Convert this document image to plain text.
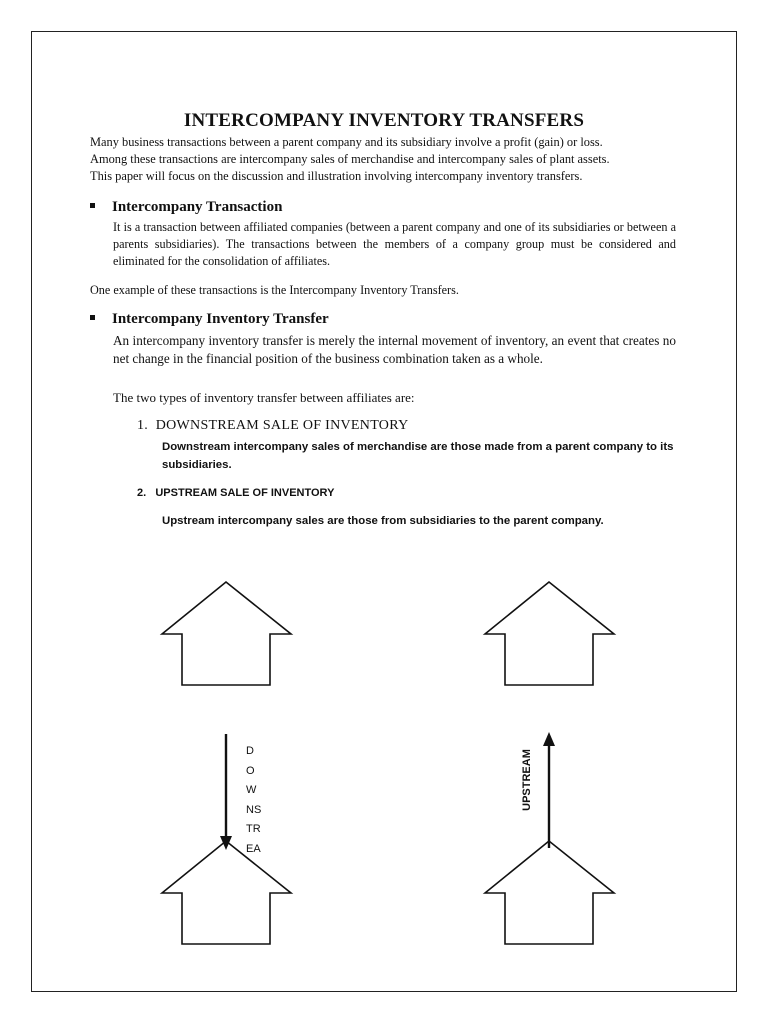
INTERCOMPANY INVENTORY TRANSFERS

Many business transactions between a parent company and its subsidiary involve a profit (gain) or loss.

Among these transactions are intercompany sales of merchandise and intercompany sales of plant assets.

This paper will focus on the discussion and illustration involving intercompany inventory transfers.

Intercompany Transaction
It is a transaction between affiliated companies (between a parent company and one of its subsidiaries or between a parents subsidiaries). The transactions between the members of a company group must be considered and eliminated for the consolidation of affiliates.
One example of these transactions is the Intercompany Inventory Transfers.
Intercompany Inventory Transfer
An intercompany inventory transfer is merely the internal movement of inventory, an event that creates no net change in the financial position of the business combination taken as a whole.
The two types of inventory transfer between affiliates are:
1. DOWNSTREAM SALE OF INVENTORY
Downstream intercompany sales of merchandise are those made from a parent company to its subsidiaries.
2. UPSTREAM SALE OF INVENTORY
Upstream intercompany sales are those from subsidiaries to the parent company.
D
O
W
NS
TR
EA
UPSTREAM
